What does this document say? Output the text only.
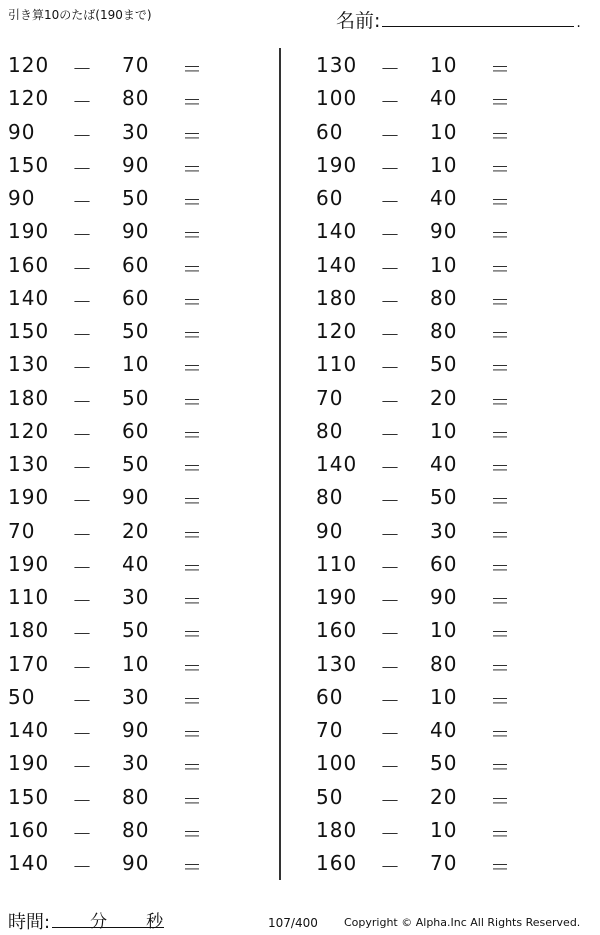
引き算10のたば(190まで)	名前:	.
120 － 70 ＝
120 － 80 ＝
90 － 30 ＝
150 － 90 ＝
90 － 50 ＝
190 － 90 ＝
160 － 60 ＝
140 － 60 ＝
150 － 50 ＝
130 － 10 ＝
180 － 50 ＝
120 － 60 ＝
130 － 50 ＝
190 － 90 ＝
70 － 20 ＝
190 － 40 ＝
110 － 30 ＝
180 － 50 ＝
170 － 10 ＝
50 － 30 ＝
140 － 90 ＝
190 － 30 ＝
150 － 80 ＝
160 － 80 ＝
140 － 90 ＝
130 － 10 ＝
100 － 40 ＝
60 － 10 ＝
190 － 10 ＝
60 － 40 ＝
140 － 90 ＝
140 － 10 ＝
180 － 80 ＝
120 － 80 ＝
110 － 50 ＝
70 － 20 ＝
80 － 10 ＝
140 － 40 ＝
80 － 50 ＝
90 － 30 ＝
110 － 60 ＝
190 － 90 ＝
160 － 10 ＝
130 － 80 ＝
60 － 10 ＝
70 － 40 ＝
100 － 50 ＝
50 － 20 ＝
180 － 10 ＝
160 － 70 ＝
時間: 分 秒	107/400 Copyright © Alpha.Inc All Rights Reserved.
